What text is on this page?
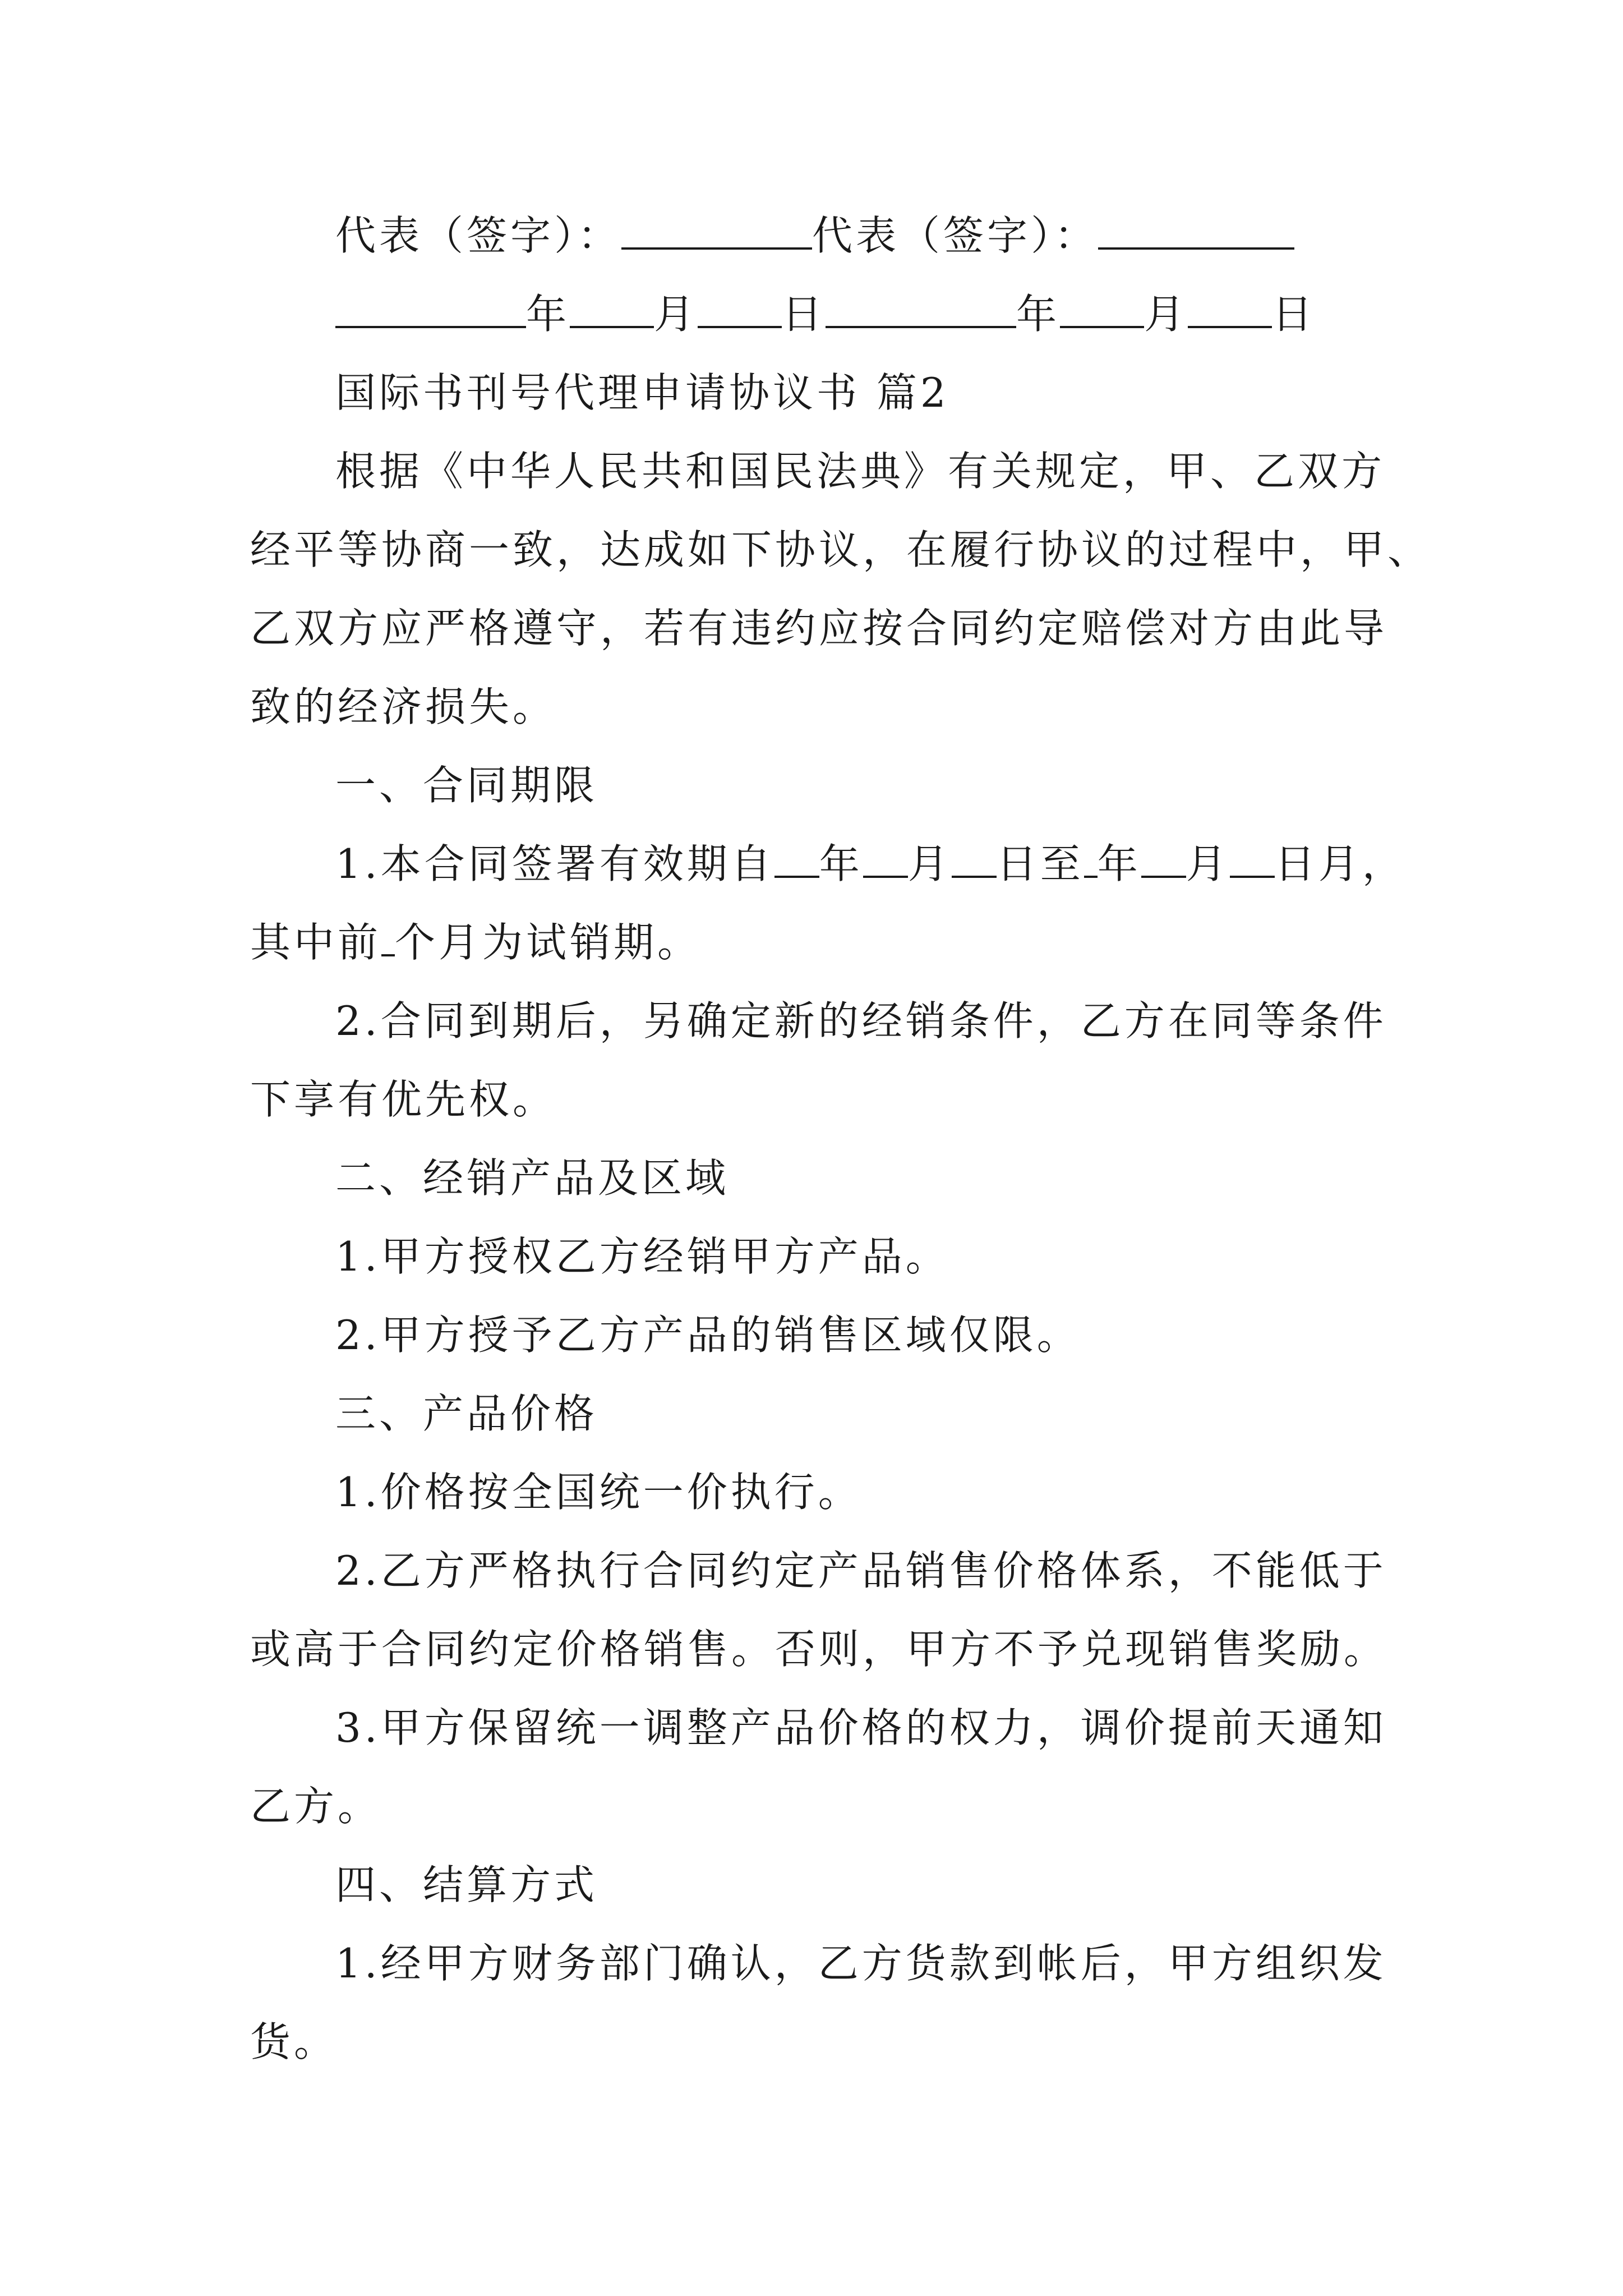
代表（签字）：	代表（签字）：
年 月 日	年 月 日
国际书刊号代理申请协议书 篇2
根据《中华人民共和国民法典》有关规定，甲、乙双方
经平等协商一致，达成如下协议，在履行协议的过程中，甲、
乙双方应严格遵守，若有违约应按合同约定赔偿对方由此导
致的经济损失。
一、合同期限
1.本合同签署有效期自 年 月 日至 年 月 日月，
其中前 个月为试销期。
2.合同到期后，另确定新的经销条件，乙方在同等条件
下享有优先权。
二、经销产品及区域
1.甲方授权乙方经销甲方产品。
2.甲方授予乙方产品的销售区域仅限。
三、产品价格
1.价格按全国统一价执行。
2.乙方严格执行合同约定产品销售价格体系，不能低于
或高于合同约定价格销售。否则，甲方不予兑现销售奖励。
3.甲方保留统一调整产品价格的权力，调价提前天通知
乙方。
四、结算方式
1.经甲方财务部门确认，乙方货款到帐后，甲方组织发
货。
